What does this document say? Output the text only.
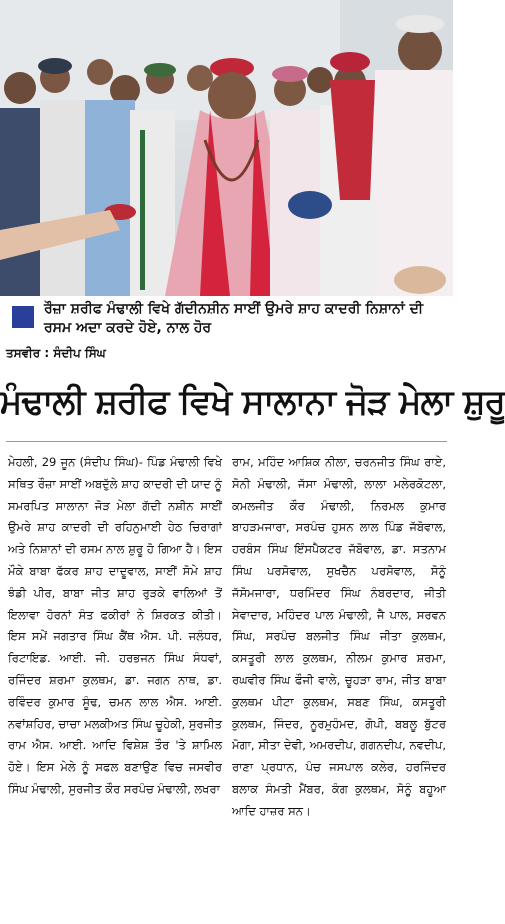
ਰੌਜ਼ਾ ਸ਼ਰੀਫ ਮੰਢਾਲੀ ਵਿਖੇ ਗੱਦੀਨਸ਼ੀਨ ਸਾਈਂ ਉਮਰੇ ਸ਼ਾਹ ਕਾਦਰੀ ਨਿਸ਼ਾਨਾਂ ਦੀ ਰਸਮ ਅਦਾ ਕਰਦੇ ਹੋਏ, ਨਾਲ ਹੋਰ
ਤਸਵੀਰ : ਸੰਦੀਪ ਸਿੰਘ
ਮੰਢਾਲੀ ਸ਼ਰੀਫ ਵਿਖੇ ਸਾਲਾਨਾ ਜੋੜ ਮੇਲਾ ਸ਼ੁਰੂ
ਮੇਹਲੀ, 29 ਜੂਨ (ਸੰਦੀਪ ਸਿੰਘ)- ਪਿੰਡ ਮੰਢਾਲੀ ਵਿਖੇ ਸਥਿਤ ਰੌਜ਼ਾ ਸਾਈਂ ਅਬਦੁੱਲੇ ਸ਼ਾਹ ਕਾਦਰੀ ਦੀ ਯਾਦ ਨੂੰ ਸਮਰਪਿਤ ਸਾਲਾਨਾ ਜੋੜ ਮੇਲਾ ਗੱਦੀ ਨਸ਼ੀਨ ਸਾਈਂ ਉਮਰੇ ਸ਼ਾਹ ਕਾਦਰੀ ਦੀ ਰਹਿਨੁਮਾਈ ਹੇਠ ਚਿਰਾਗਾਂ ਅਤੇ ਨਿਸ਼ਾਨਾਂ ਦੀ ਰਸਮ ਨਾਲ ਸ਼ੁਰੂ ਹੋ ਗਿਆ ਹੈ। ਇਸ ਮੌਕੇ ਬਾਬਾ ਫੱਕਰ ਸ਼ਾਹ ਦਾਦੂਵਾਲ, ਸਾਈਂ ਸੋਮੇ ਸ਼ਾਹ ਝੰਡੀ ਪੀਰ, ਬਾਬਾ ਜੀਤ ਸ਼ਾਹ ਰੁੜਕੇ ਵਾਲਿਆਂ ਤੋਂ ਇਲਾਵਾ ਹੋਰਨਾਂ ਸੰਤ ਫਕੀਰਾਂ ਨੇ ਸ਼ਿਰਕਤ ਕੀਤੀ। ਇਸ ਸਮੇਂ ਜਗਤਾਰ ਸਿੰਘ ਕੈਂਥ ਐਸ. ਪੀ. ਜਲੰਧਰ, ਰਿਟਾਇਡ. ਆਈ. ਜੀ. ਹਰਭਜਨ ਸਿੰਘ ਸੰਧਵਾਂ, ਰਜਿੰਦਰ ਸ਼ਰਮਾ ਕੁਲਥਮ, ਡਾ. ਜਗਨ ਨਾਥ, ਡਾ. ਰਵਿੰਦਰ ਕੁਮਾਰ ਸੂੰਢ, ਚਮਨ ਲਾਲ ਐਸ. ਆਈ. ਨਵਾਂਸ਼ਹਿਰ, ਚਾਚਾ ਮਲਕੀਅਤ ਸਿੰਘ ਚੂਹੇਕੀ, ਸੁਰਜੀਤ ਰਾਮ ਐਸ. ਆਈ. ਆਦਿ ਵਿਸ਼ੇਸ਼ ਤੌਰ 'ਤੇ ਸ਼ਾਮਿਲ ਹੋਏ। ਇਸ ਮੇਲੇ ਨੂੰ ਸਫਲ ਬਣਾਉਣ ਵਿਚ ਜਸਵੀਰ ਸਿੰਘ ਮੰਢਾਲੀ, ਸੁਰਜੀਤ ਕੌਰ ਸਰਪੰਚ ਮੰਢਾਲੀ, ਲਖਰਾ
ਰਾਮ, ਮਹਿੰਦ ਆਸ਼ਿਕ ਨੀਲਾ, ਚਰਨਜੀਤ ਸਿੰਘ ਰਾਏ, ਸੋਨੀ ਮੰਢਾਲੀ, ਜੱਸਾ ਮੰਢਾਲੀ, ਲਾਲਾ ਮਲੇਰਕੋਟਲਾ, ਕਮਲਜੀਤ ਕੌਰ ਮੰਢਾਲੀ, ਨਿਰਮਲ ਕੁਮਾਰ ਬਾਹੜਮਜਾਰਾ, ਸਰਪੰਚ ਹੁਸਨ ਲਾਲ ਪਿੰਡ ਜੱਬੋਵਾਲ, ਹਰਬੰਸ ਸਿੰਘ ਇੰਸਪੈਕਟਰ ਜੱਬੋਵਾਲ, ਡਾ. ਸਤਨਾਮ ਸਿੰਘ ਪਰਸੋਵਾਲ, ਸੁਖਚੈਨ ਪਰਸੋਵਾਲ, ਸੋਨੂੰ ਜੱਸੋਮਜਾਰਾ, ਧਰਮਿੰਦਰ ਸਿੰਘ ਨੰਬਰਦਾਰ, ਜੀਤੀ ਸੇਵਾਦਾਰ, ਮਹਿੰਦਰ ਪਾਲ ਮੰਢਾਲੀ, ਜੈ ਪਾਲ, ਸਰਵਨ ਸਿੰਘ, ਸਰਪੰਚ ਬਲਜੀਤ ਸਿੰਘ ਜੀਤਾ ਕੁਲਥਮ, ਕਸਤੂਰੀ ਲਾਲ ਕੁਲਥਮ, ਨੀਲਮ ਕੁਮਾਰ ਸ਼ਰਮਾ, ਰਘਵੀਰ ਸਿੰਘ ਫੌਜੀ ਵਾਲੇ, ਚੂਹੜਾ ਰਾਮ, ਜੀਤ ਬਾਬਾ ਕੁਲਥਮ ਪੀਟਾ ਕੁਲਥਮ, ਸਬਣ ਸਿੰਘ, ਕਸਤੂਰੀ ਕੁਲਥਮ, ਜਿੰਦਰ, ਨੂਰਮੁਹੰਮਦ, ਗੋਪੀ, ਬਬਲੂ ਬੁੱਟਰ ਮੋਗਾ, ਸੀਤਾ ਦੇਵੀ, ਅਮਰਦੀਪ, ਗਗਨਦੀਪ, ਨਵਦੀਪ, ਰਾਣਾ ਪ੍ਰਧਾਨ, ਪੰਚ ਜਸਪਾਲ ਕਲੇਰ, ਹਰਜਿੰਦਰ ਬਲਾਕ ਸੰਮਤੀ ਮੈਂਬਰ, ਕੰਗ ਕੁਲਥਮ, ਸੋਨੂੰ ਬਹੂਆ ਆਦਿ ਹਾਜ਼ਰ ਸਨ।
